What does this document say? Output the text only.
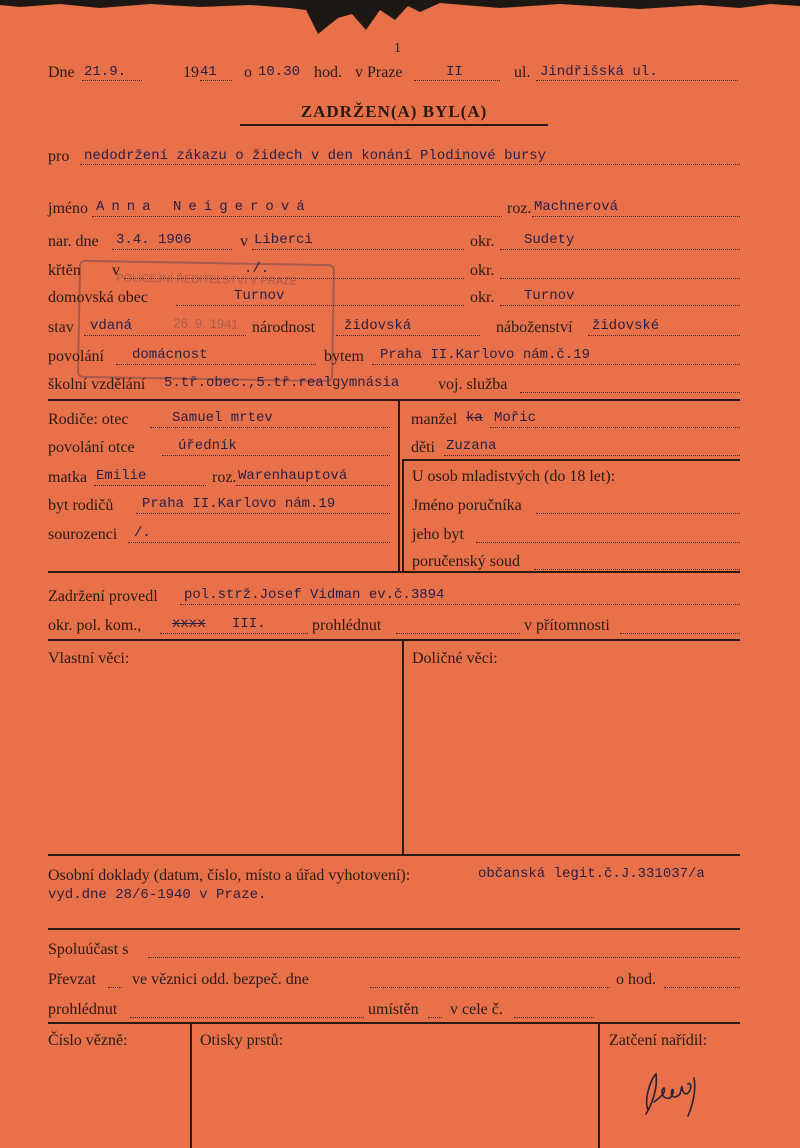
1
Dne 21.9.	19 41 o 10.30 hod. v Praze	II	ul. Jindřišská ul.
ZADRŽEN(A) BYL(A)
pro nedodržení zákazu o židech v den konání Plodinové bursy
POLICEJNÍ ŘEDITELSTVÍ V PRAZE
26. 9. 1941
jméno Anna Neigerová	roz. Machnerová
nar. dne 3.4. 1906	v Liberci	okr. Sudety
křtěn v	./.	okr.
domovská obec	Turnov	okr. Turnov
stav vdaná	národnost židovská	náboženství židovské
povolání domácnost	bytem Praha II.Karlovo nám.č.19
školní vzdělání 5.tř.obec.,5.tř.realgymnásia voj. služba
Rodiče: otec	Samuel mrtev
povolání otce	úředník
matka Emilie	roz. Warenhauptová
byt rodičů Praha II.Karlovo nám.19
sourozenci /.
manžel ka Mořic
děti Zuzana
U osob mladistvých (do 18 let):
Jméno poručníka
jeho byt
poručenský soud
Zadržení provedl pol.strž.Josef Vidman ev.č.3894
okr. pol. kom., xxxx III.	prohlédnut	v přítomnosti
Vlastní věci:	Doličné věci:
Osobní doklady (datum, číslo, místo a úřad vyhotovení):	občanská legit.č.J.331037/a
vyd.dne 28/6-1940 v Praze.
Spoluúčast s
Převzat ve věznici odd. bezpeč. dne	o hod.
prohlédnut	umístěn v cele č.
Číslo vězně:	Otisky prstů:	Zatčení nařídil:
